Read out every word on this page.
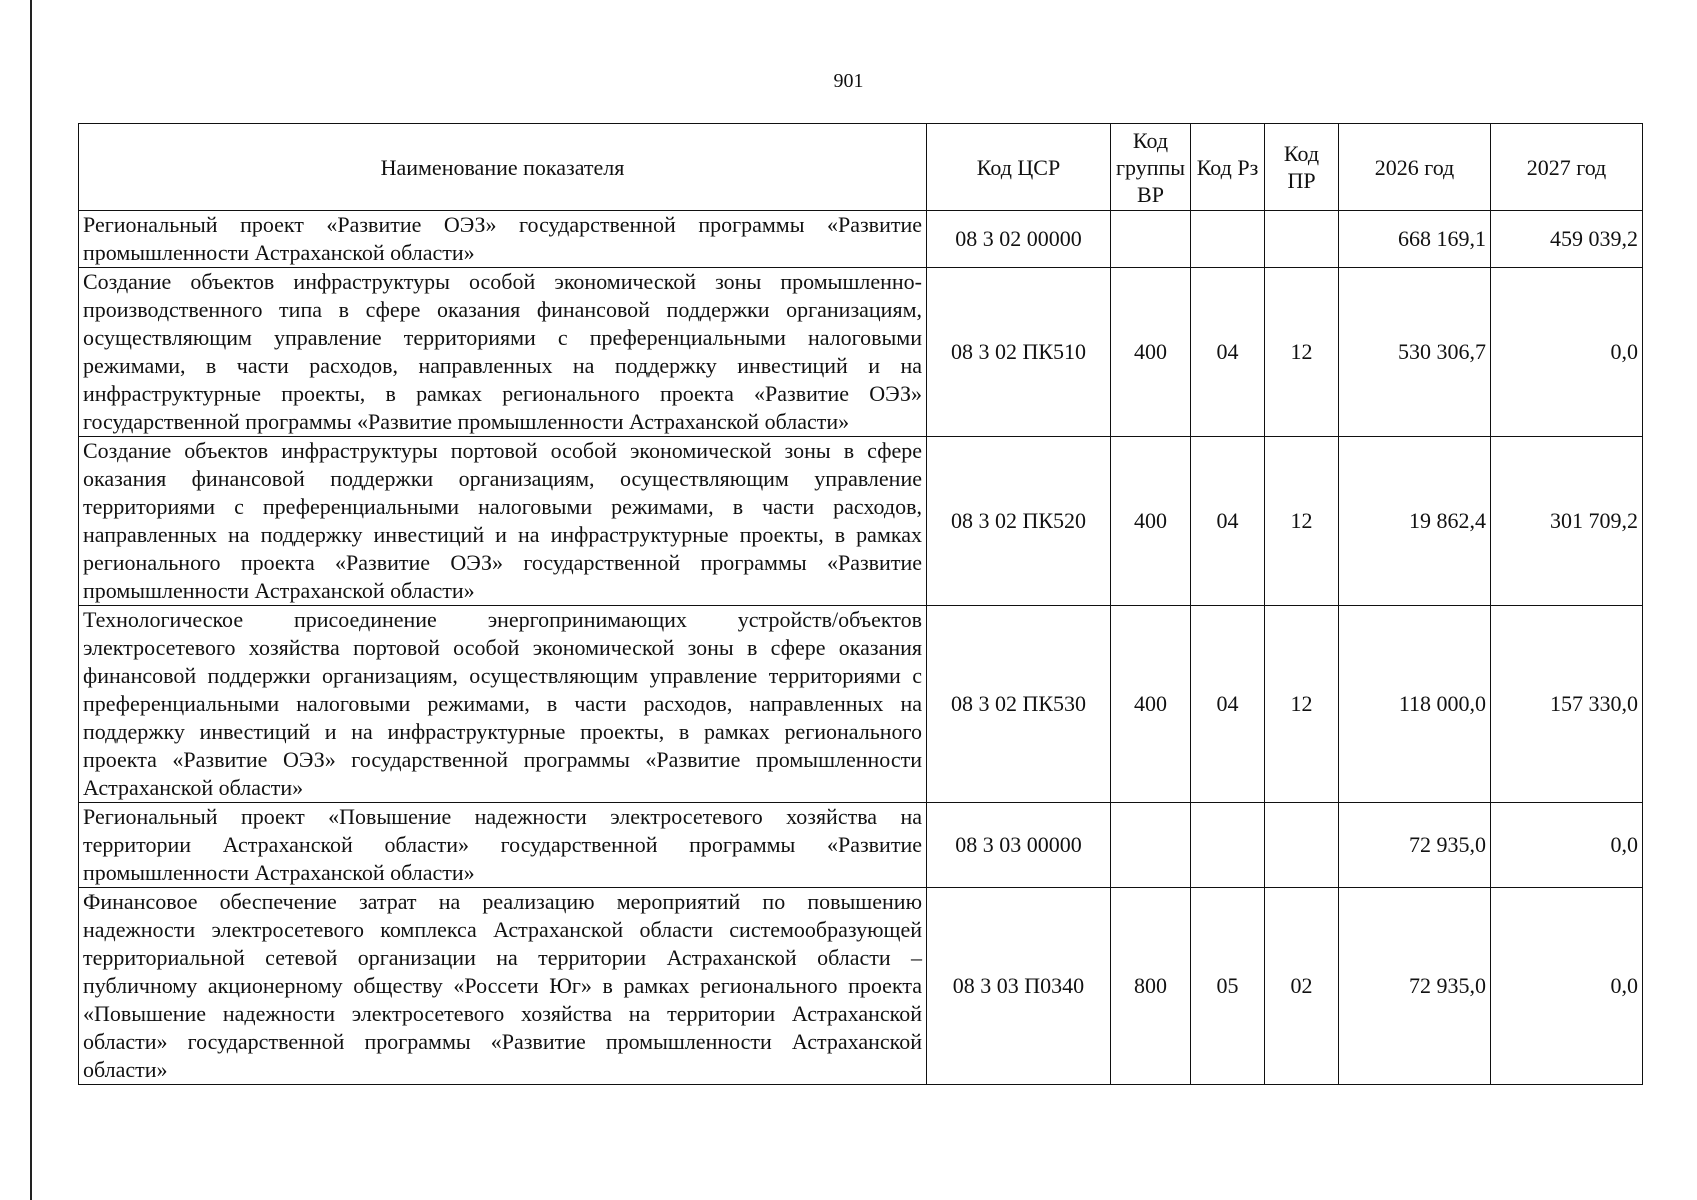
901
Наименование показателя	Код ЦСР	Код группы ВР	Код Рз	Код ПР	2026 год	2027 год
Региональный проект «Развитие ОЭЗ» государственной программы «Развитие промышленности Астраханской области»	08 3 02 00000				668 169,1	459 039,2
Создание объектов инфраструктуры особой экономической зоны промышленно-производственного типа в сфере оказания финансовой поддержки организациям, осуществляющим управление территориями с преференциальными налоговыми режимами, в части расходов, направленных на поддержку инвестиций и на инфраструктурные проекты, в рамках регионального проекта «Развитие ОЭЗ» государственной программы «Развитие промышленности Астраханской области»	08 3 02 ПК510	400	04	12	530 306,7	0,0
Создание объектов инфраструктуры портовой особой экономической зоны в сфере оказания финансовой поддержки организациям, осуществляющим управление территориями с преференциальными налоговыми режимами, в части расходов, направленных на поддержку инвестиций и на инфраструктурные проекты, в рамках регионального проекта «Развитие ОЭЗ» государственной программы «Развитие промышленности Астраханской области»	08 3 02 ПК520	400	04	12	19 862,4	301 709,2
Технологическое присоединение энергопринимающих устройств/объектов электросетевого хозяйства портовой особой экономической зоны в сфере оказания финансовой поддержки организациям, осуществляющим управление территориями с преференциальными налоговыми режимами, в части расходов, направленных на поддержку инвестиций и на инфраструктурные проекты, в рамках регионального проекта «Развитие ОЭЗ» государственной программы «Развитие промышленности Астраханской области»	08 3 02 ПК530	400	04	12	118 000,0	157 330,0
Региональный проект «Повышение надежности электросетевого хозяйства на территории Астраханской области» государственной программы «Развитие промышленности Астраханской области»	08 3 03 00000				72 935,0	0,0
Финансовое обеспечение затрат на реализацию мероприятий по повышению надежности электросетевого комплекса Астраханской области системообразующей территориальной сетевой организации на территории Астраханской области – публичному акционерному обществу «Россети Юг» в рамках регионального проекта «Повышение надежности электросетевого хозяйства на территории Астраханской области» государственной программы «Развитие промышленности Астраханской области»	08 3 03 П0340	800	05	02	72 935,0	0,0
